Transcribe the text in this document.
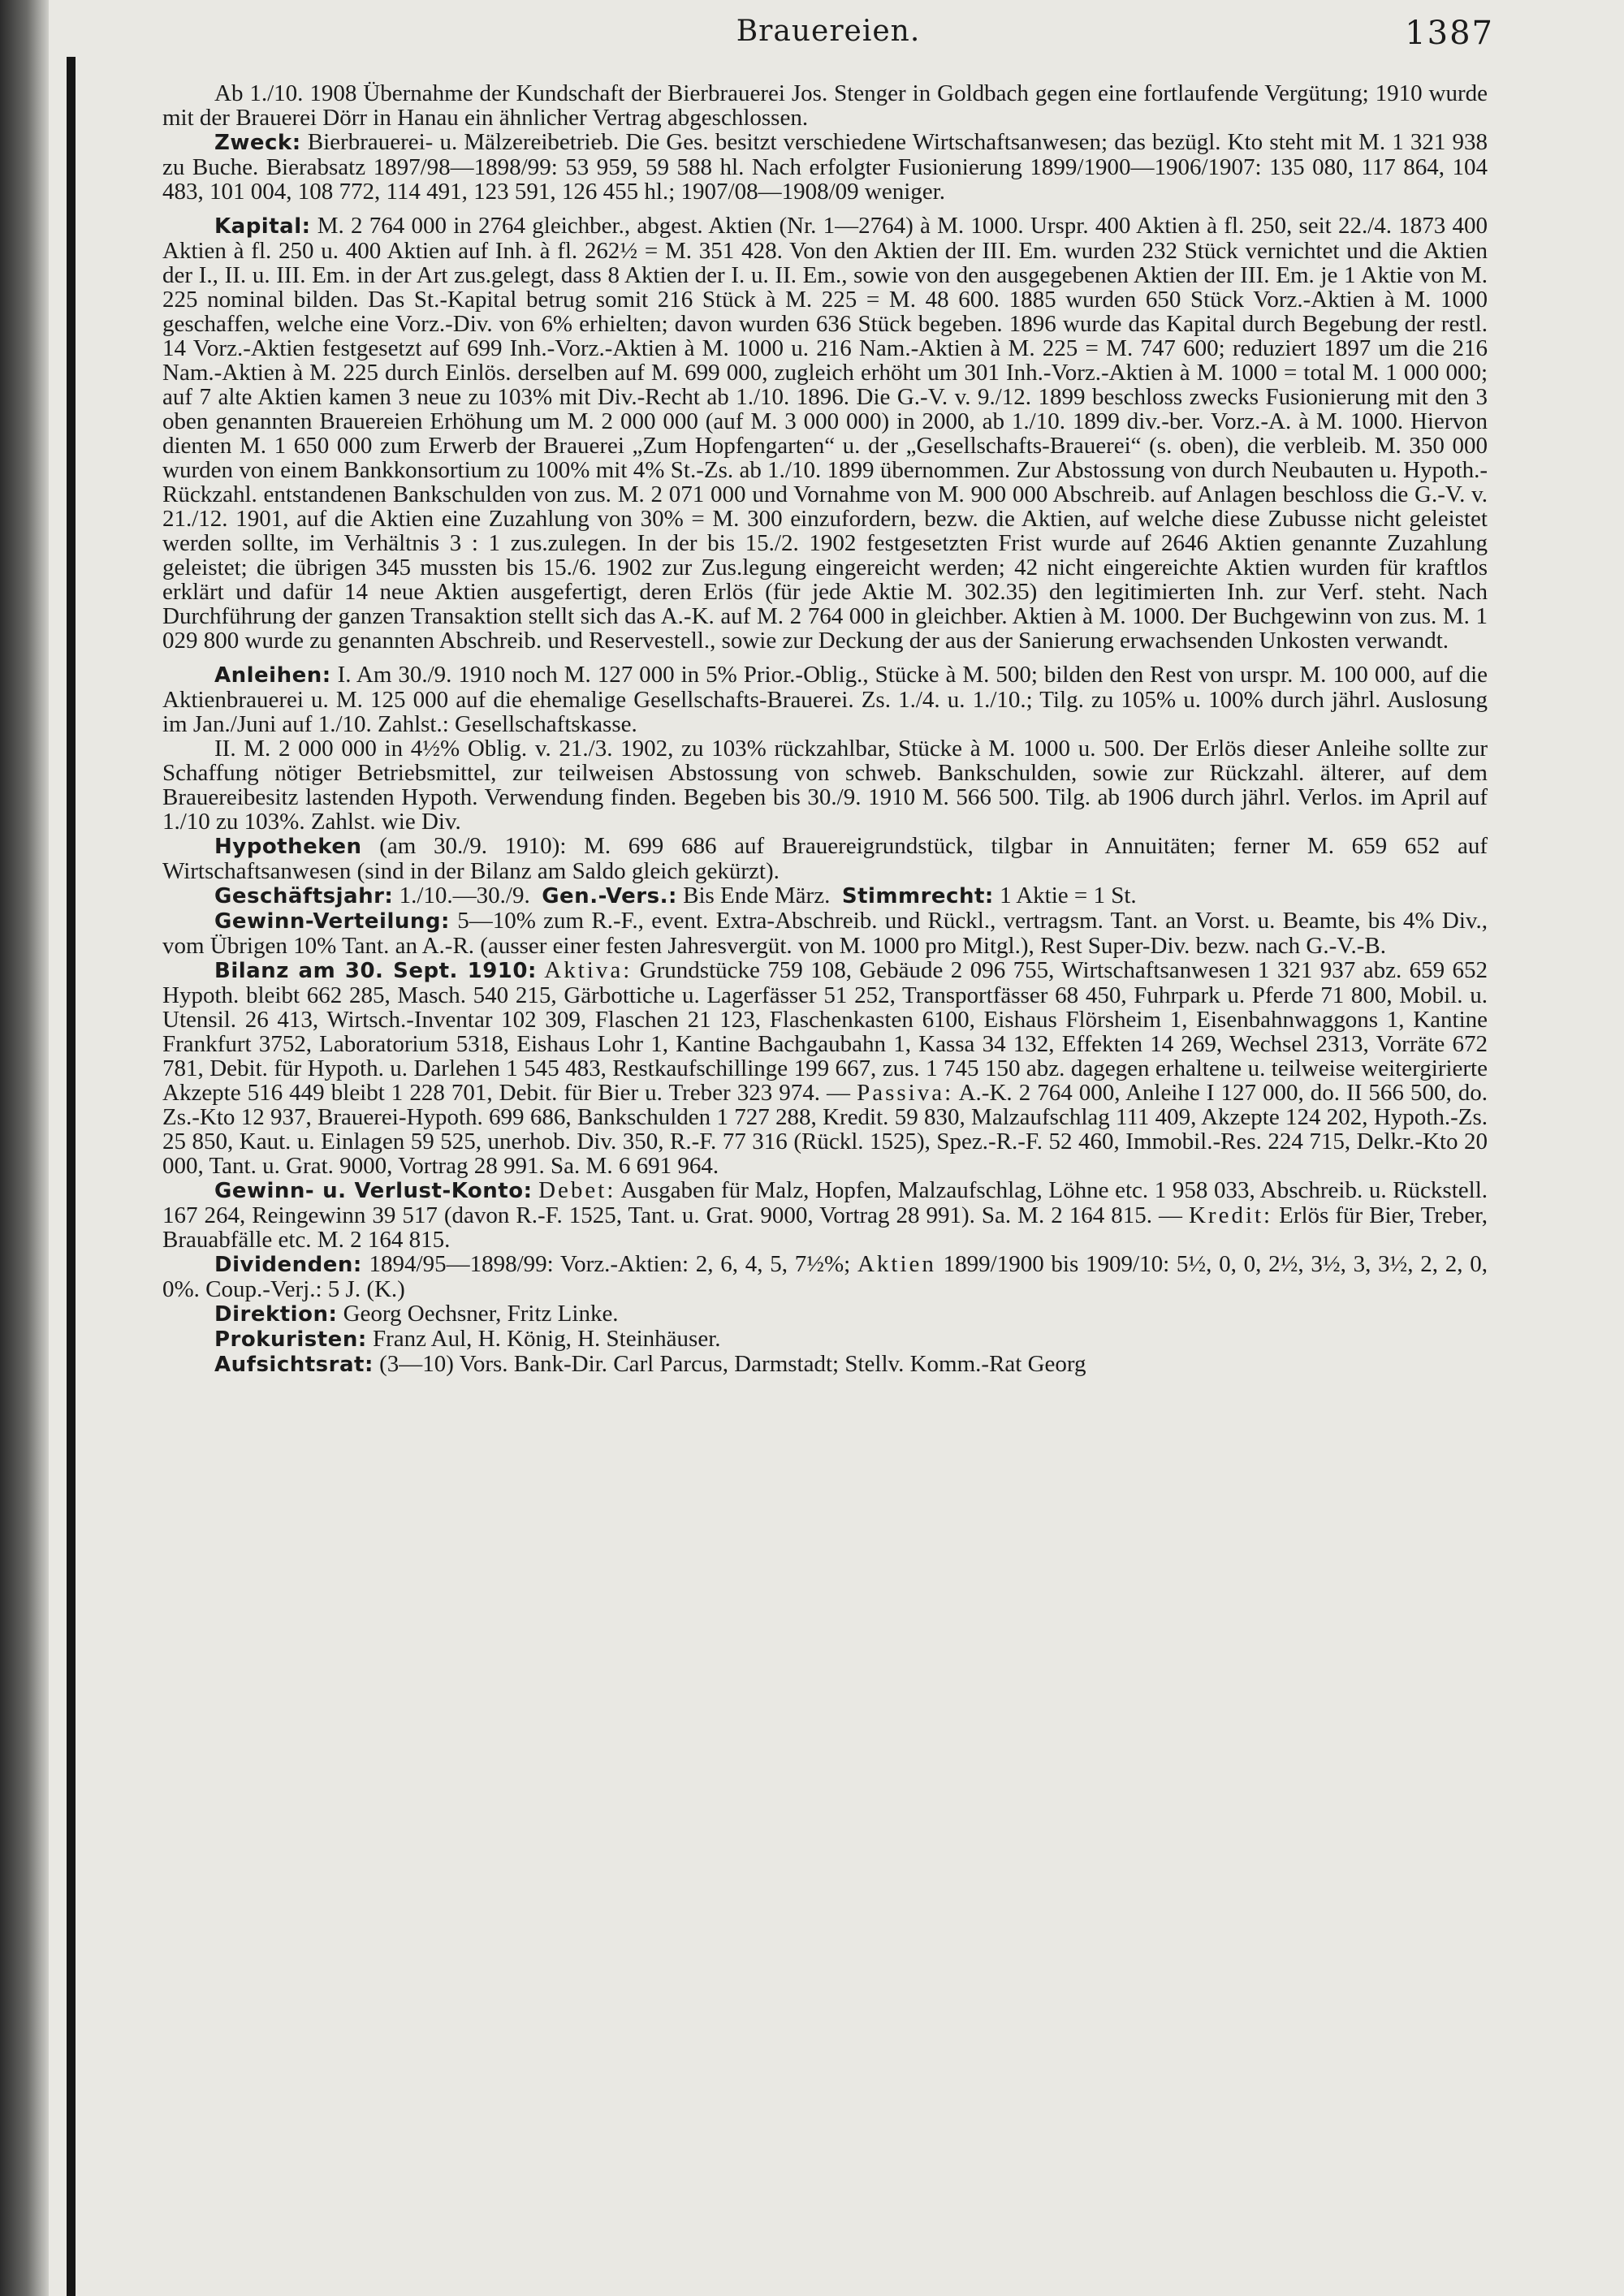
Brauereien.	1387

Ab 1./10. 1908 Übernahme der Kundschaft der Bierbrauerei Jos. Stenger in Goldbach gegen eine fortlaufende Vergütung; 1910 wurde mit der Brauerei Dörr in Hanau ein ähnlicher Vertrag abgeschlossen.

Zweck: Bierbrauerei- u. Mälzereibetrieb. Die Ges. besitzt verschiedene Wirtschaftsanwesen; das bezügl. Kto steht mit M. 1 321 938 zu Buche. Bierabsatz 1897/98—1898/99: 53 959, 59 588 hl. Nach erfolgter Fusionierung 1899/1900—1906/1907: 135 080, 117 864, 104 483, 101 004, 108 772, 114 491, 123 591, 126 455 hl.; 1907/08—1908/09 weniger.

Kapital: M. 2 764 000 in 2764 gleichber., abgest. Aktien (Nr. 1—2764) à M. 1000. Urspr. 400 Aktien à fl. 250, seit 22./4. 1873 400 Aktien à fl. 250 u. 400 Aktien auf Inh. à fl. 262½ = M. 351 428. Von den Aktien der III. Em. wurden 232 Stück vernichtet und die Aktien der I., II. u. III. Em. in der Art zus.gelegt, dass 8 Aktien der I. u. II. Em., sowie von den ausgegebenen Aktien der III. Em. je 1 Aktie von M. 225 nominal bilden. Das St.-Kapital betrug somit 216 Stück à M. 225 = M. 48 600. 1885 wurden 650 Stück Vorz.-Aktien à M. 1000 geschaffen, welche eine Vorz.-Div. von 6% erhielten; davon wurden 636 Stück begeben. 1896 wurde das Kapital durch Begebung der restl. 14 Vorz.-Aktien festgesetzt auf 699 Inh.-Vorz.-Aktien à M. 1000 u. 216 Nam.-Aktien à M. 225 = M. 747 600; reduziert 1897 um die 216 Nam.-Aktien à M. 225 durch Einlös. derselben auf M. 699 000, zugleich erhöht um 301 Inh.-Vorz.-Aktien à M. 1000 = total M. 1 000 000; auf 7 alte Aktien kamen 3 neue zu 103% mit Div.-Recht ab 1./10. 1896. Die G.-V. v. 9./12. 1899 beschloss zwecks Fusionierung mit den 3 oben genannten Brauereien Erhöhung um M. 2 000 000 (auf M. 3 000 000) in 2000, ab 1./10. 1899 div.-ber. Vorz.-A. à M. 1000. Hiervon dienten M. 1 650 000 zum Erwerb der Brauerei „Zum Hopfengarten“ u. der „Gesellschafts-Brauerei“ (s. oben), die verbleib. M. 350 000 wurden von einem Bankkonsortium zu 100% mit 4% St.-Zs. ab 1./10. 1899 übernommen. Zur Abstossung von durch Neubauten u. Hypoth.-Rückzahl. entstandenen Bankschulden von zus. M. 2 071 000 und Vornahme von M. 900 000 Abschreib. auf Anlagen beschloss die G.-V. v. 21./12. 1901, auf die Aktien eine Zuzahlung von 30% = M. 300 einzufordern, bezw. die Aktien, auf welche diese Zubusse nicht geleistet werden sollte, im Verhältnis 3 : 1 zus.zulegen. In der bis 15./2. 1902 festgesetzten Frist wurde auf 2646 Aktien genannte Zuzahlung geleistet; die übrigen 345 mussten bis 15./6. 1902 zur Zus.legung eingereicht werden; 42 nicht eingereichte Aktien wurden für kraftlos erklärt und dafür 14 neue Aktien ausgefertigt, deren Erlös (für jede Aktie M. 302.35) den legitimierten Inh. zur Verf. steht. Nach Durchführung der ganzen Transaktion stellt sich das A.-K. auf M. 2 764 000 in gleichber. Aktien à M. 1000. Der Buchgewinn von zus. M. 1 029 800 wurde zu genannten Abschreib. und Reservestell., sowie zur Deckung der aus der Sanierung erwachsenden Unkosten verwandt.

Anleihen: I. Am 30./9. 1910 noch M. 127 000 in 5% Prior.-Oblig., Stücke à M. 500; bilden den Rest von urspr. M. 100 000, auf die Aktienbrauerei u. M. 125 000 auf die ehemalige Gesellschafts-Brauerei. Zs. 1./4. u. 1./10.; Tilg. zu 105% u. 100% durch jährl. Auslosung im Jan./Juni auf 1./10. Zahlst.: Gesellschaftskasse.

II. M. 2 000 000 in 4½% Oblig. v. 21./3. 1902, zu 103% rückzahlbar, Stücke à M. 1000 u. 500. Der Erlös dieser Anleihe sollte zur Schaffung nötiger Betriebsmittel, zur teilweisen Abstossung von schweb. Bankschulden, sowie zur Rückzahl. älterer, auf dem Brauereibesitz lastenden Hypoth. Verwendung finden. Begeben bis 30./9. 1910 M. 566 500. Tilg. ab 1906 durch jährl. Verlos. im April auf 1./10 zu 103%. Zahlst. wie Div.

Hypotheken (am 30./9. 1910): M. 699 686 auf Brauereigrundstück, tilgbar in Annuitäten; ferner M. 659 652 auf Wirtschaftsanwesen (sind in der Bilanz am Saldo gleich gekürzt).

Geschäftsjahr: 1./10.—30./9. Gen.-Vers.: Bis Ende März. Stimmrecht: 1 Aktie = 1 St.

Gewinn-Verteilung: 5—10% zum R.-F., event. Extra-Abschreib. und Rückl., vertragsm. Tant. an Vorst. u. Beamte, bis 4% Div., vom Übrigen 10% Tant. an A.-R. (ausser einer festen Jahresvergüt. von M. 1000 pro Mitgl.), Rest Super-Div. bezw. nach G.-V.-B.

Bilanz am 30. Sept. 1910: Aktiva: Grundstücke 759 108, Gebäude 2 096 755, Wirtschaftsanwesen 1 321 937 abz. 659 652 Hypoth. bleibt 662 285, Masch. 540 215, Gärbottiche u. Lagerfässer 51 252, Transportfässer 68 450, Fuhrpark u. Pferde 71 800, Mobil. u. Utensil. 26 413, Wirtsch.-Inventar 102 309, Flaschen 21 123, Flaschenkasten 6100, Eishaus Flörsheim 1, Eisenbahnwaggons 1, Kantine Frankfurt 3752, Laboratorium 5318, Eishaus Lohr 1, Kantine Bachgaubahn 1, Kassa 34 132, Effekten 14 269, Wechsel 2313, Vorräte 672 781, Debit. für Hypoth. u. Darlehen 1 545 483, Restkaufschillinge 199 667, zus. 1 745 150 abz. dagegen erhaltene u. teilweise weitergirierte Akzepte 516 449 bleibt 1 228 701, Debit. für Bier u. Treber 323 974. — Passiva: A.-K. 2 764 000, Anleihe I 127 000, do. II 566 500, do. Zs.-Kto 12 937, Brauerei-Hypoth. 699 686, Bankschulden 1 727 288, Kredit. 59 830, Malzaufschlag 111 409, Akzepte 124 202, Hypoth.-Zs. 25 850, Kaut. u. Einlagen 59 525, unerhob. Div. 350, R.-F. 77 316 (Rückl. 1525), Spez.-R.-F. 52 460, Immobil.-Res. 224 715, Delkr.-Kto 20 000, Tant. u. Grat. 9000, Vortrag 28 991. Sa. M. 6 691 964.

Gewinn- u. Verlust-Konto: Debet: Ausgaben für Malz, Hopfen, Malzaufschlag, Löhne etc. 1 958 033, Abschreib. u. Rückstell. 167 264, Reingewinn 39 517 (davon R.-F. 1525, Tant. u. Grat. 9000, Vortrag 28 991). Sa. M. 2 164 815. — Kredit: Erlös für Bier, Treber, Brauabfälle etc. M. 2 164 815.

Dividenden: 1894/95—1898/99: Vorz.-Aktien: 2, 6, 4, 5, 7½%; Aktien 1899/1900 bis 1909/10: 5½, 0, 0, 2½, 3½, 3, 3½, 2, 2, 0, 0%. Coup.-Verj.: 5 J. (K.)

Direktion: Georg Oechsner, Fritz Linke.

Prokuristen: Franz Aul, H. König, H. Steinhäuser.

Aufsichtsrat: (3—10) Vors. Bank-Dir. Carl Parcus, Darmstadt; Stellv. Komm.-Rat Georg
